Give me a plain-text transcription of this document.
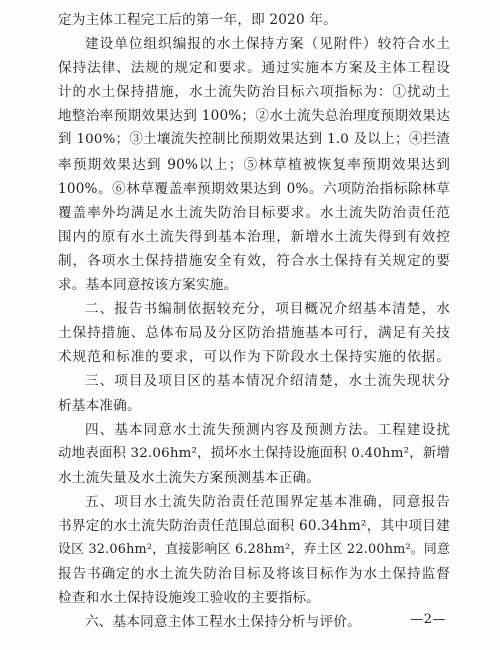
定为主体工程完工后的第一年，即 2020 年。
建设单位组织编报的水土保持方案（见附件）较符合水土
保持法律、法规的规定和要求。通过实施本方案及主体工程设
计的水土保持措施，水土流失防治目标六项指标为：①扰动土
地整治率预期效果达到 100%；②水土流失总治理度预期效果达
到 100%；③土壤流失控制比预期效果达到 1.0 及以上；④拦渣
率预期效果达到 90%以上；⑤林草植被恢复率预期效果达到
100%。⑥林草覆盖率预期效果达到 0%。六项防治指标除林草
覆盖率外均满足水土流失防治目标要求。水土流失防治责任范
围内的原有水土流失得到基本治理，新增水土流失得到有效控
制，各项水土保持措施安全有效，符合水土保持有关规定的要
求。基本同意按该方案实施。
二、报告书编制依据较充分，项目概况介绍基本清楚，水
土保持措施、总体布局及分区防治措施基本可行，满足有关技
术规范和标准的要求，可以作为下阶段水土保持实施的依据。
三、项目及项目区的基本情况介绍清楚，水土流失现状分
析基本准确。
四、基本同意水土流失预测内容及预测方法。工程建设扰
动地表面积 32.06hm²，损坏水土保持设施面积 0.40hm²，新增
水土流失量及水土流失方案预测基本正确。
五、项目水土流失防治责任范围界定基本准确，同意报告
书界定的水土流失防治责任范围总面积 60.34hm²，其中项目建
设区 32.06hm²，直接影响区 6.28hm²，弃土区 22.00hm²。同意
报告书确定的水土流失防治目标及将该目标作为水土保持监督
检查和水土保持设施竣工验收的主要指标。
六、基本同意主体工程水土保持分析与评价。	—2—
